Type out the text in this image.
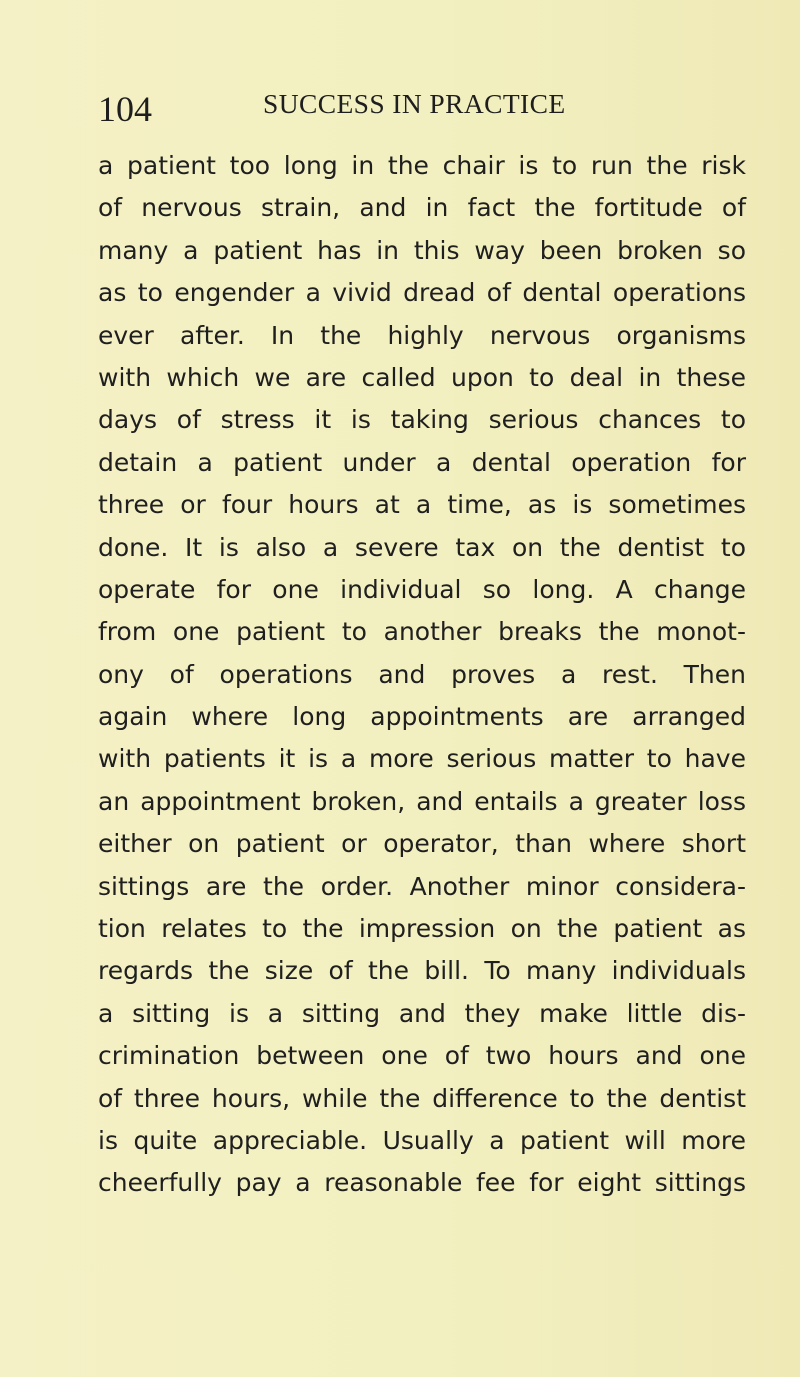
104	SUCCESS IN PRACTICE
a patient too long in the chair is to run the risk
of nervous strain, and in fact the fortitude of
many a patient has in this way been broken so
as to engender a vivid dread of dental operations
ever after. In the highly nervous organisms
with which we are called upon to deal in these
days of stress it is taking serious chances to
detain a patient under a dental operation for
three or four hours at a time, as is sometimes
done. It is also a severe tax on the dentist to
operate for one individual so long. A change
from one patient to another breaks the monot-
ony of operations and proves a rest. Then
again where long appointments are arranged
with patients it is a more serious matter to have
an appointment broken, and entails a greater loss
either on patient or operator, than where short
sittings are the order. Another minor considera-
tion relates to the impression on the patient as
regards the size of the bill. To many individuals
a sitting is a sitting and they make little dis-
crimination between one of two hours and one
of three hours, while the difference to the dentist
is quite appreciable. Usually a patient will more
cheerfully pay a reasonable fee for eight sittings
